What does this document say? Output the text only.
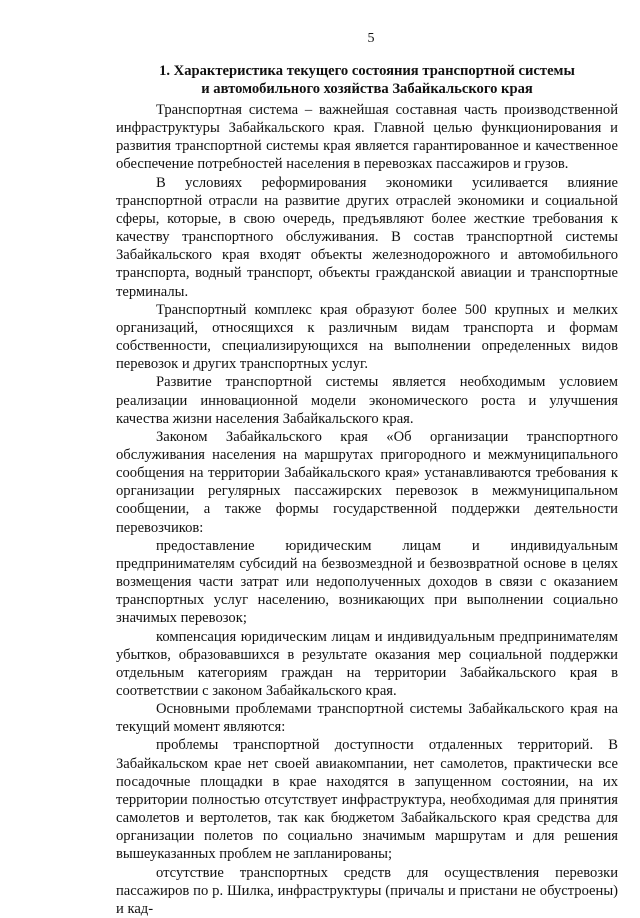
5
1. Характеристика текущего состояния транспортной системы
и автомобильного хозяйства Забайкальского края

Транспортная система – важнейшая составная часть производственной инфраструктуры Забайкальского края. Главной целью функционирования и развития транспортной системы края является гарантированное и качественное обеспечение потребностей населения в перевозках пассажиров и грузов.

В условиях реформирования экономики усиливается влияние транспортной отрасли на развитие других отраслей экономики и социальной сферы, которые, в свою очередь, предъявляют более жесткие требования к качеству транспортного обслуживания. В состав транспортной системы Забайкальского края входят объекты железнодорожного и автомобильного транспорта, водный транспорт, объекты гражданской авиации и транспортные терминалы.

Транспортный комплекс края образуют более 500 крупных и мелких организаций, относящихся к различным видам транспорта и формам собственности, специализирующихся на выполнении определенных видов перевозок и других транспортных услуг.

Развитие транспортной системы является необходимым условием реализации инновационной модели экономического роста и улучшения качества жизни населения Забайкальского края.

Законом Забайкальского края «Об организации транспортного обслуживания населения на маршрутах пригородного и межмуниципального сообщения на территории Забайкальского края» устанавливаются требования к организации регулярных пассажирских перевозок в межмуниципальном сообщении, а также формы государственной поддержки деятельности перевозчиков:

предоставление юридическим лицам и индивидуальным предпринимателям субсидий на безвозмездной и безвозвратной основе в целях возмещения части затрат или недополученных доходов в связи с оказанием транспортных услуг населению, возникающих при выполнении социально значимых перевозок;

компенсация юридическим лицам и индивидуальным предпринимателям убытков, образовавшихся в результате оказания мер социальной поддержки отдельным категориям граждан на территории Забайкальского края в соответствии с законом Забайкальского края.

Основными проблемами транспортной системы Забайкальского края на текущий момент являются:

проблемы транспортной доступности отдаленных территорий. В Забайкальском крае нет своей авиакомпании, нет самолетов, практически все посадочные площадки в крае находятся в запущенном состоянии, на их территории полностью отсутствует инфраструктура, необходимая для принятия самолетов и вертолетов, так как бюджетом Забайкальского края средства для организации полетов по социально значимым маршрутам и для решения вышеуказанных проблем не запланированы;

отсутствие транспортных средств для осуществления перевозки пассажиров по р. Шилка, инфраструктуры (причалы и пристани не обустроены) и кад-
